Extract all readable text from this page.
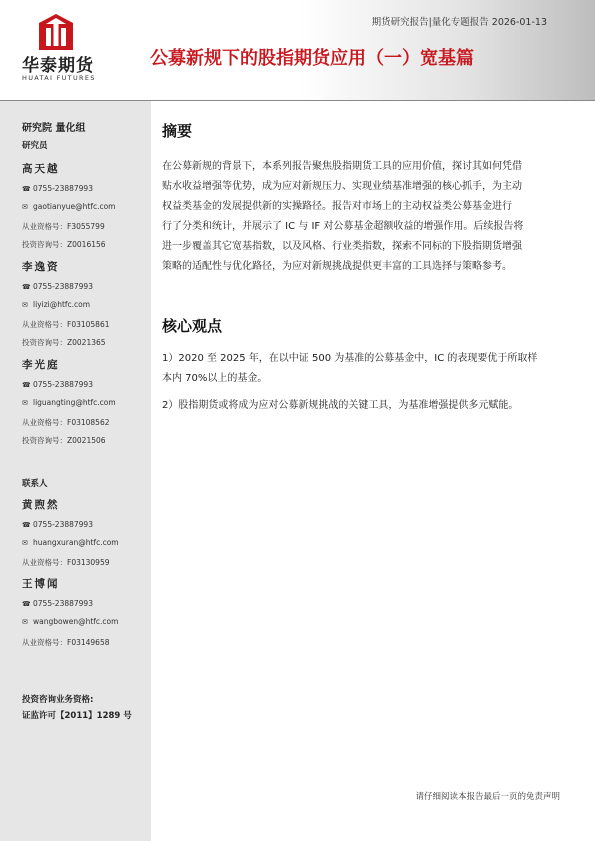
华泰期货
HUATAI FUTURES
期货研究报告|量化专题报告 2026-01-13
公募新规下的股指期货应用（一）宽基篇
研究院 量化组
研究员
高天越
☎ 0755-23887993
✉ gaotianyue@htfc.com
从业资格号：F3055799
投资咨询号：Z0016156
李逸资
☎ 0755-23887993
✉ liyizi@htfc.com
从业资格号：F03105861
投资咨询号：Z0021365
李光庭
☎ 0755-23887993
✉ liguangting@htfc.com
从业资格号：F03108562
投资咨询号：Z0021506
联系人
黄煦然
☎ 0755-23887993
✉ huangxuran@htfc.com
从业资格号：F03130959
王博闻
☎ 0755-23887993
✉ wangbowen@htfc.com
从业资格号：F03149658
投资咨询业务资格:
证监许可【2011】1289 号
摘要
在公募新规的背景下，本系列报告聚焦股指期货工具的应用价值，探讨其如何凭借
贴水收益增强等优势，成为应对新规压力、实现业绩基准增强的核心抓手，为主动
权益类基金的发展提供新的实操路径。报告对市场上的主动权益类公募基金进行
行了分类和统计，并展示了 IC 与 IF 对公募基金超额收益的增强作用。后续报告将
进一步覆盖其它宽基指数，以及风格、行业类指数，探索不同标的下股指期货增强
策略的适配性与优化路径，为应对新规挑战提供更丰富的工具选择与策略参考。
核心观点
1）2020 至 2025 年，在以中证 500 为基准的公募基金中，IC 的表现要优于所取样
本内 70%以上的基金。
2）股指期货或将成为应对公募新规挑战的关键工具，为基准增强提供多元赋能。
请仔细阅读本报告最后一页的免责声明
